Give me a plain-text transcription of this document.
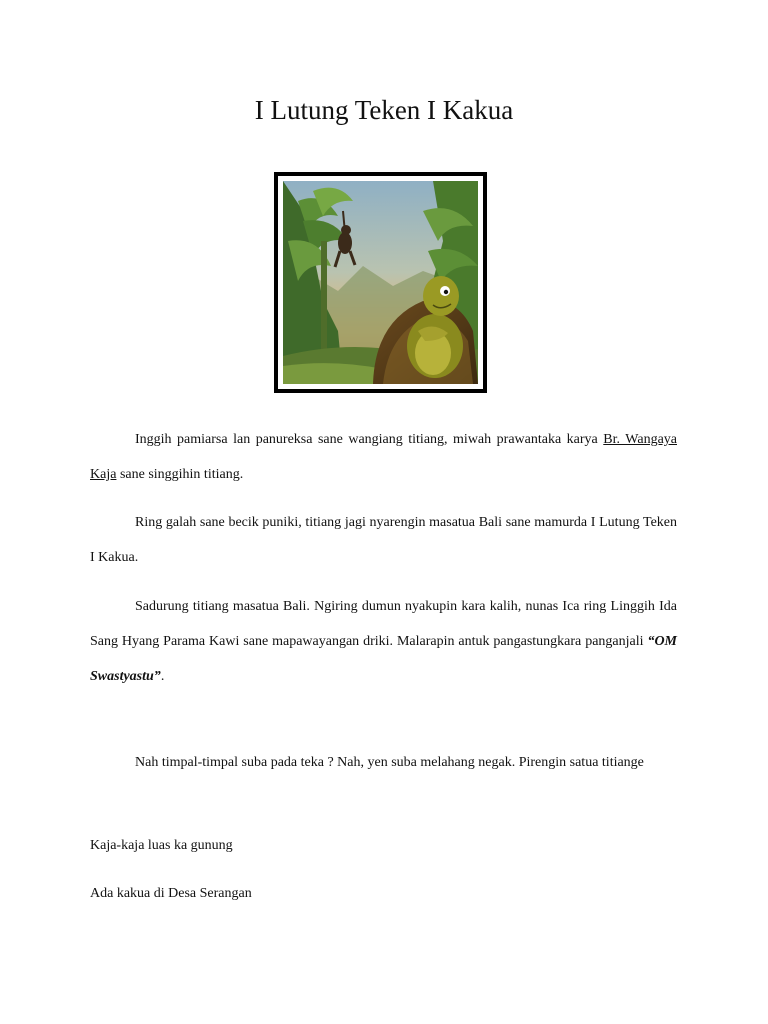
I Lutung Teken I Kakua

Inggih pamiarsa lan panureksa sane wangiang titiang, miwah prawantaka karya Br. Wangaya Kaja sane singgihin titiang.

Ring galah sane becik puniki, titiang jagi nyarengin masatua Bali sane mamurda I Lutung Teken I Kakua.

Sadurung titiang masatua Bali. Ngiring dumun nyakupin kara kalih, nunas Ica ring Linggih Ida Sang Hyang Parama Kawi sane mapawayangan driki. Malarapin antuk pangastungkara panganjali “OM Swastyastu”.

Nah timpal-timpal suba pada teka ? Nah, yen suba melahang negak. Pirengin satua titiange

Kaja-kaja luas ka gunung

Ada kakua di Desa Serangan
